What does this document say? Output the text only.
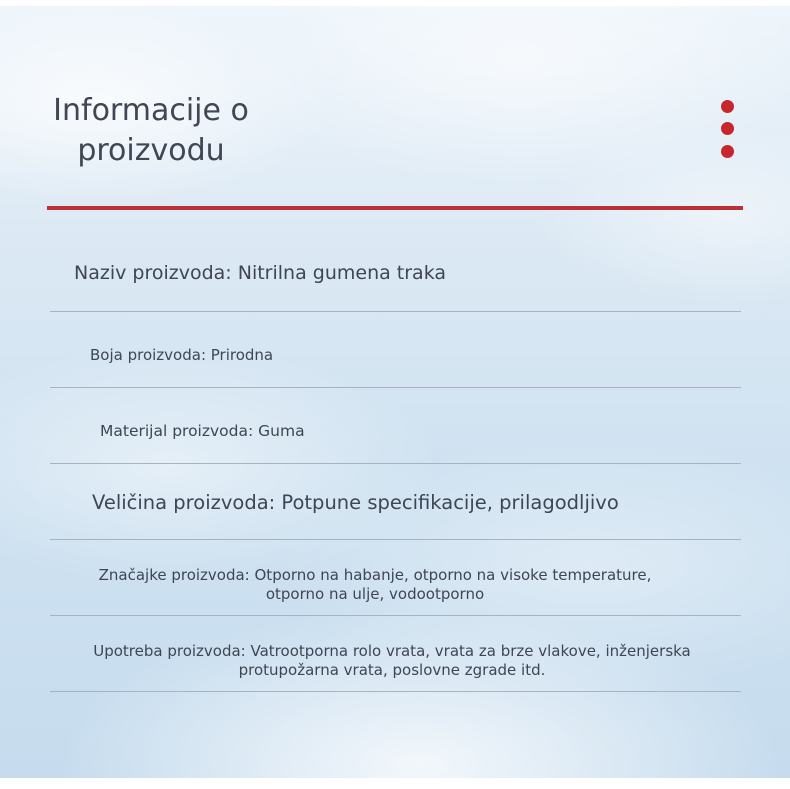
Informacije o
proizvodu

Naziv proizvoda: Nitrilna gumena traka

Boja proizvoda: Prirodna

Materijal proizvoda: Guma

Veličina proizvoda: Potpune specifikacije, prilagodljivo

Značajke proizvoda: Otporno na habanje, otporno na visoke temperature,
otporno na ulje, vodootporno

Upotreba proizvoda: Vatrootporna rolo vrata, vrata za brze vlakove, inženjerska
protupožarna vrata, poslovne zgrade itd.
